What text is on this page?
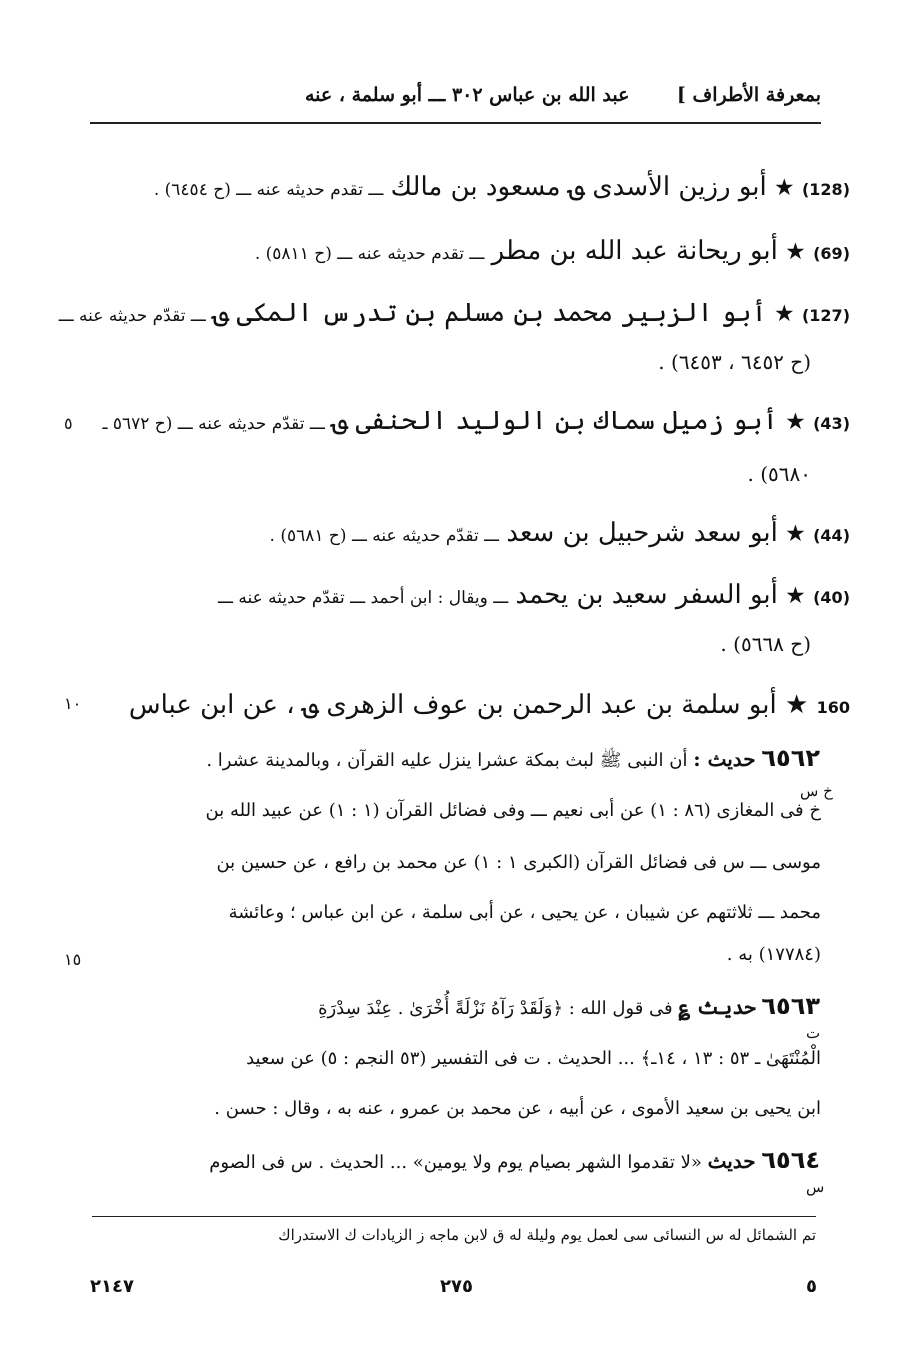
بمعرفة الأطراف ]
عبد الله بن عباس ٣٠٢ ـــ أبو سلمة ، عنه
(128) ★ أبو رزين الأسدى ؈ مسعود بن مالك ـــ تقدم حديثه عنه ـــ (ح ٦٤٥٤) .
(69) ★ أبو ريحانة عبد الله بن مطر ـــ تقدم حديثه عنه ـــ (ح ٥٨١١) .
(127) ★ أبو الزبير محمد بن مسلم بن تدرس المكى ؈ ـــ تقدّم حديثه عنه ـــ
(ح ٦٤٥٢ ، ٦٤٥٣) .
(43) ★ أبو زميل سماك بن الوليد الحنفى ؈ ـــ تقدّم حديثه عنه ـــ (ح ٥٦٧٢ ـ
٥٦٨٠) .
٥
(44) ★ أبو سعد شرحبيل بن سعد ـــ تقدّم حديثه عنه ـــ (ح ٥٦٨١) .
(40) ★ أبو السفر سعيد بن يحمد ـــ ويقال : ابن أحمد ـــ تقدّم حديثه عنه ـــ
(ح ٥٦٦٨) .
160 ★ أبو سلمة بن عبد الرحمن بن عوف الزهرى ؈ ، عن ابن عباس
١٠
٦٥٦٢ حديث : أن النبى ﷺ لبث بمكة عشرا ينزل عليه القرآن ، وبالمدينة عشرا .
خ س
خ فى المغازى (٨٦ : ١) عن أبى نعيم ـــ وفى فضائل القرآن (١ : ١) عن عبيد الله بن
موسى ـــ س فى فضائل القرآن (الكبرى ١ : ١) عن محمد بن رافع ، عن حسين بن
محمد ـــ ثلاثتهم عن شيبان ، عن يحيى ، عن أبى سلمة ، عن ابن عباس ؛ وعائشة
(١٧٧٨٤) به .
١٥
٦٥٦٣ حديث ؏ فى قول الله : ﴿وَلَقَدْ رَآهُ نَزْلَةً أُخْرَىٰ . عِنْدَ سِدْرَةِ
ت
الْمُنْتَهَىٰ ـ ٥٣ : ١٣ ، ١٤ـ﴾ ... الحديث . ت فى التفسير (٥٣ النجم : ٥) عن سعيد
ابن يحيى بن سعيد الأموى ، عن أبيه ، عن محمد بن عمرو ، عنه به ، وقال : حسن .
٦٥٦٤ حديث «لا تقدموا الشهر بصيام يوم ولا يومين» ... الحديث . س فى الصوم
س
تم الشمائل له س النسائى سى لعمل يوم وليلة له ق لابن ماجه ز الزيادات ك الاستدراك
٢١٤٧	٢٧٥	٥
